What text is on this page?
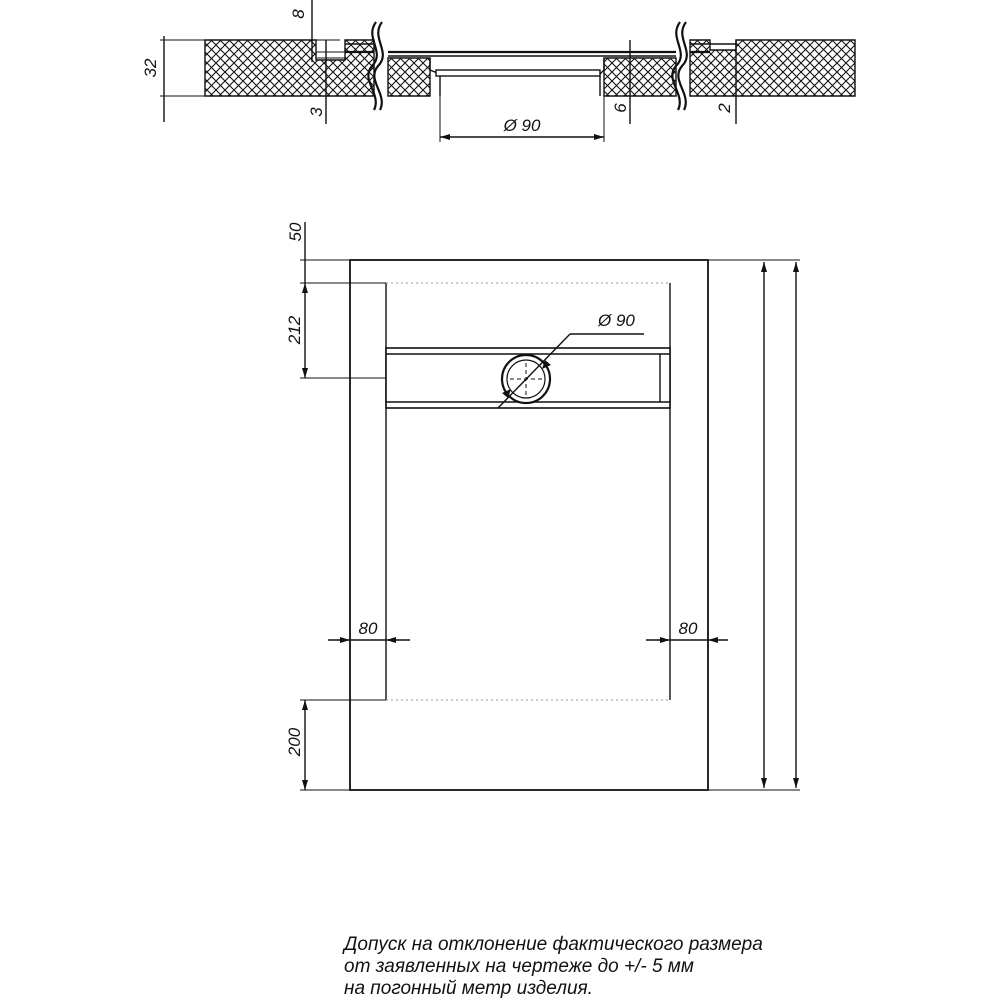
32
8
3	6	2
Ø 90
Ø 90
50
212
200
80	80
Допуск на отклонение фактического размера
от заявленных на чертеже до +/- 5 мм
на погонный метр изделия.
